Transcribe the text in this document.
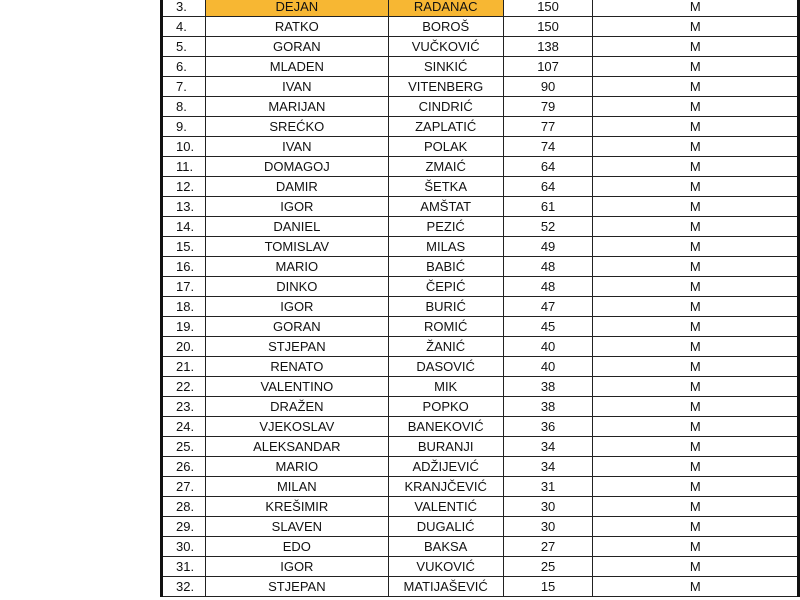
3.	DEJAN	RADANAC	150	M
4.	RATKO	BOROŠ	150	M
5.	GORAN	VUČKOVIĆ	138	M
6.	MLADEN	SINKIĆ	107	M
7.	IVAN	VITENBERG	90	M
8.	MARIJAN	CINDRIĆ	79	M
9.	SREĆKO	ZAPLATIĆ	77	M
10.	IVAN	POLAK	74	M
11.	DOMAGOJ	ZMAIĆ	64	M
12.	DAMIR	ŠETKA	64	M
13.	IGOR	AMŠTAT	61	M
14.	DANIEL	PEZIĆ	52	M
15.	TOMISLAV	MILAS	49	M
16.	MARIO	BABIĆ	48	M
17.	DINKO	ČEPIĆ	48	M
18.	IGOR	BURIĆ	47	M
19.	GORAN	ROMIĆ	45	M
20.	STJEPAN	ŽANIĆ	40	M
21.	RENATO	DASOVIĆ	40	M
22.	VALENTINO	MIK	38	M
23.	DRAŽEN	POPKO	38	M
24.	VJEKOSLAV	BANEKOVIĆ	36	M
25.	ALEKSANDAR	BURANJI	34	M
26.	MARIO	ADŽIJEVIĆ	34	M
27.	MILAN	KRANJČEVIĆ	31	M
28.	KREŠIMIR	VALENTIĆ	30	M
29.	SLAVEN	DUGALIĆ	30	M
30.	EDO	BAKSA	27	M
31.	IGOR	VUKOVIĆ	25	M
32.	STJEPAN	MATIJAŠEVIĆ	15	M
